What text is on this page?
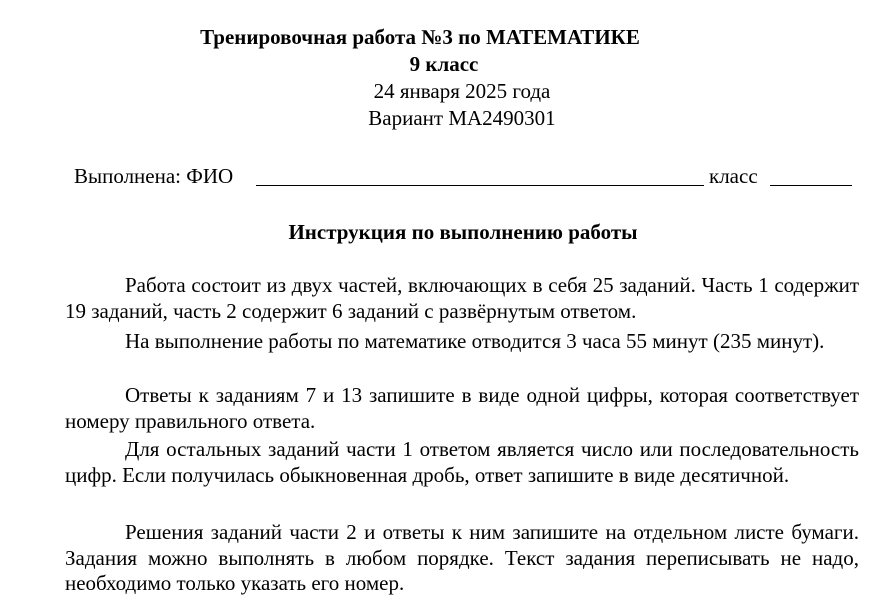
Тренировочная работа №3 по МАТЕМАТИКЕ
9 класс
24 января 2025 года
Вариант МА2490301
Выполнена: ФИО	класс
Инструкция по выполнению работы

Работа состоит из двух частей, включающих в себя 25 заданий. Часть 1 содержит 19 заданий, часть 2 содержит 6 заданий с развёрнутым ответом.

На выполнение работы по математике отводится 3 часа 55 минут (235 минут).

Ответы к заданиям 7 и 13 запишите в виде одной цифры, которая соответствует номеру правильного ответа.

Для остальных заданий части 1 ответом является число или последовательность цифр. Если получилась обыкновенная дробь, ответ запишите в виде десятичной.

Решения заданий части 2 и ответы к ним запишите на отдельном листе бумаги. Задания можно выполнять в любом порядке. Текст задания переписывать не надо, необходимо только указать его номер.
